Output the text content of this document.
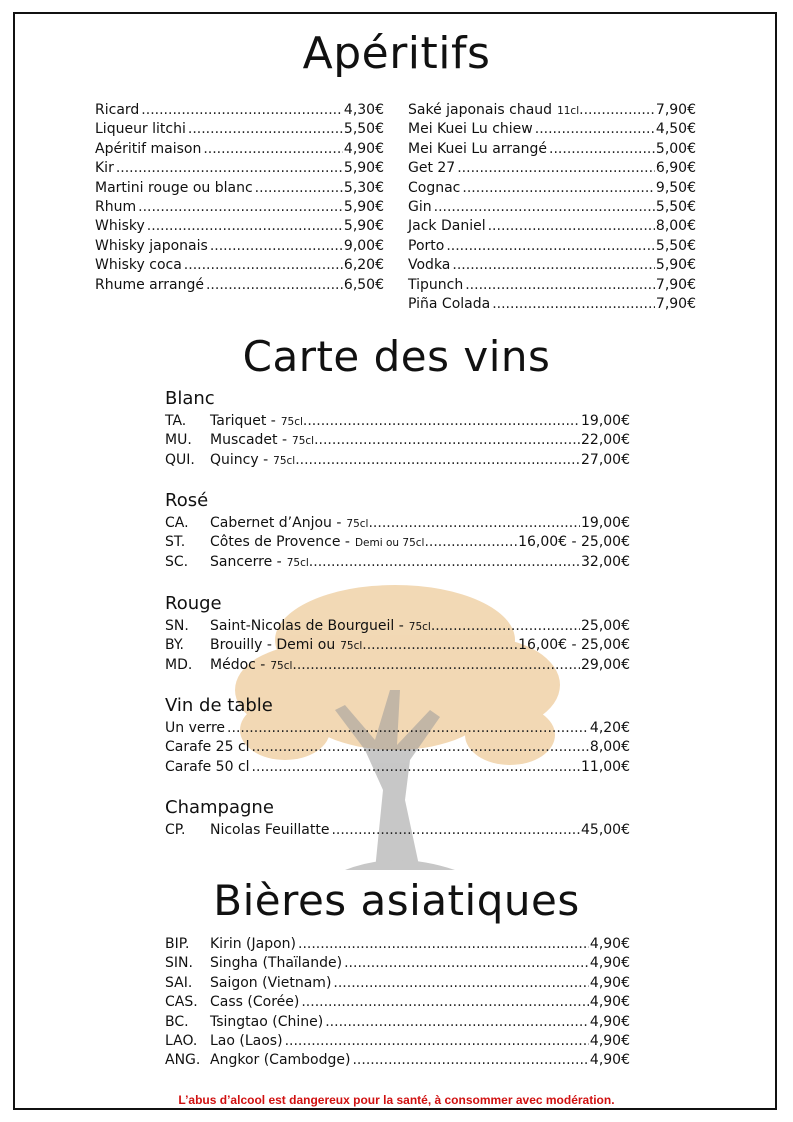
Apéritifs
Ricard .....	4,30€
Liqueur litchi .....	5,50€
Apéritif maison .....	4,90€
Kir .....	5,90€
Martini rouge ou blanc .....	5,30€
Rhum .....	5,90€
Whisky .....	5,90€
Whisky japonais .....	9,00€
Whisky coca .....	6,20€
Rhume arrangé .....	6,50€
Saké japonais chaud 11cl .....	7,90€
Mei Kuei Lu chiew .....	4,50€
Mei Kuei Lu arrangé .....	5,00€
Get 27 .....	6,90€
Cognac .....	9,50€
Gin .....	5,50€
Jack Daniel .....	8,00€
Porto .....	5,50€
Vodka .....	5,90€
Tipunch .....	7,90€
Piña Colada .....	7,90€
Carte des vins
Blanc
TA.	Tariquet - 75cl .....	19,00€
MU.	Muscadet - 75cl .....	22,00€
QUI.	Quincy - 75cl .....	27,00€
Rosé
CA.	Cabernet d’Anjou - 75cl .....	19,00€
ST.	Côtes de Provence - Demi ou 75cl .....	16,00€ - 25,00€
SC.	Sancerre - 75cl .....	32,00€
Rouge
SN.	Saint-Nicolas de Bourgueil - 75cl .....	25,00€
BY.	Brouilly - Demi ou 75cl .....	16,00€ - 25,00€
MD.	Médoc - 75cl .....	29,00€
Vin de table
Un verre .....	4,20€
Carafe 25 cl .....	8,00€
Carafe 50 cl .....	11,00€
Champagne
CP.	Nicolas Feuillatte .....	45,00€
Bières asiatiques
BIP.	Kirin (Japon) .....	4,90€
SIN.	Singha (Thaïlande) .....	4,90€
SAI.	Saigon (Vietnam) .....	4,90€
CAS. Cass (Corée) .....	4,90€
BC.	Tsingtao (Chine) .....	4,90€
LAO. Lao (Laos) .....	4,90€
ANG. Angkor (Cambodge) .....	4,90€
L’abus d’alcool est dangereux pour la santé, à consommer avec modération.
